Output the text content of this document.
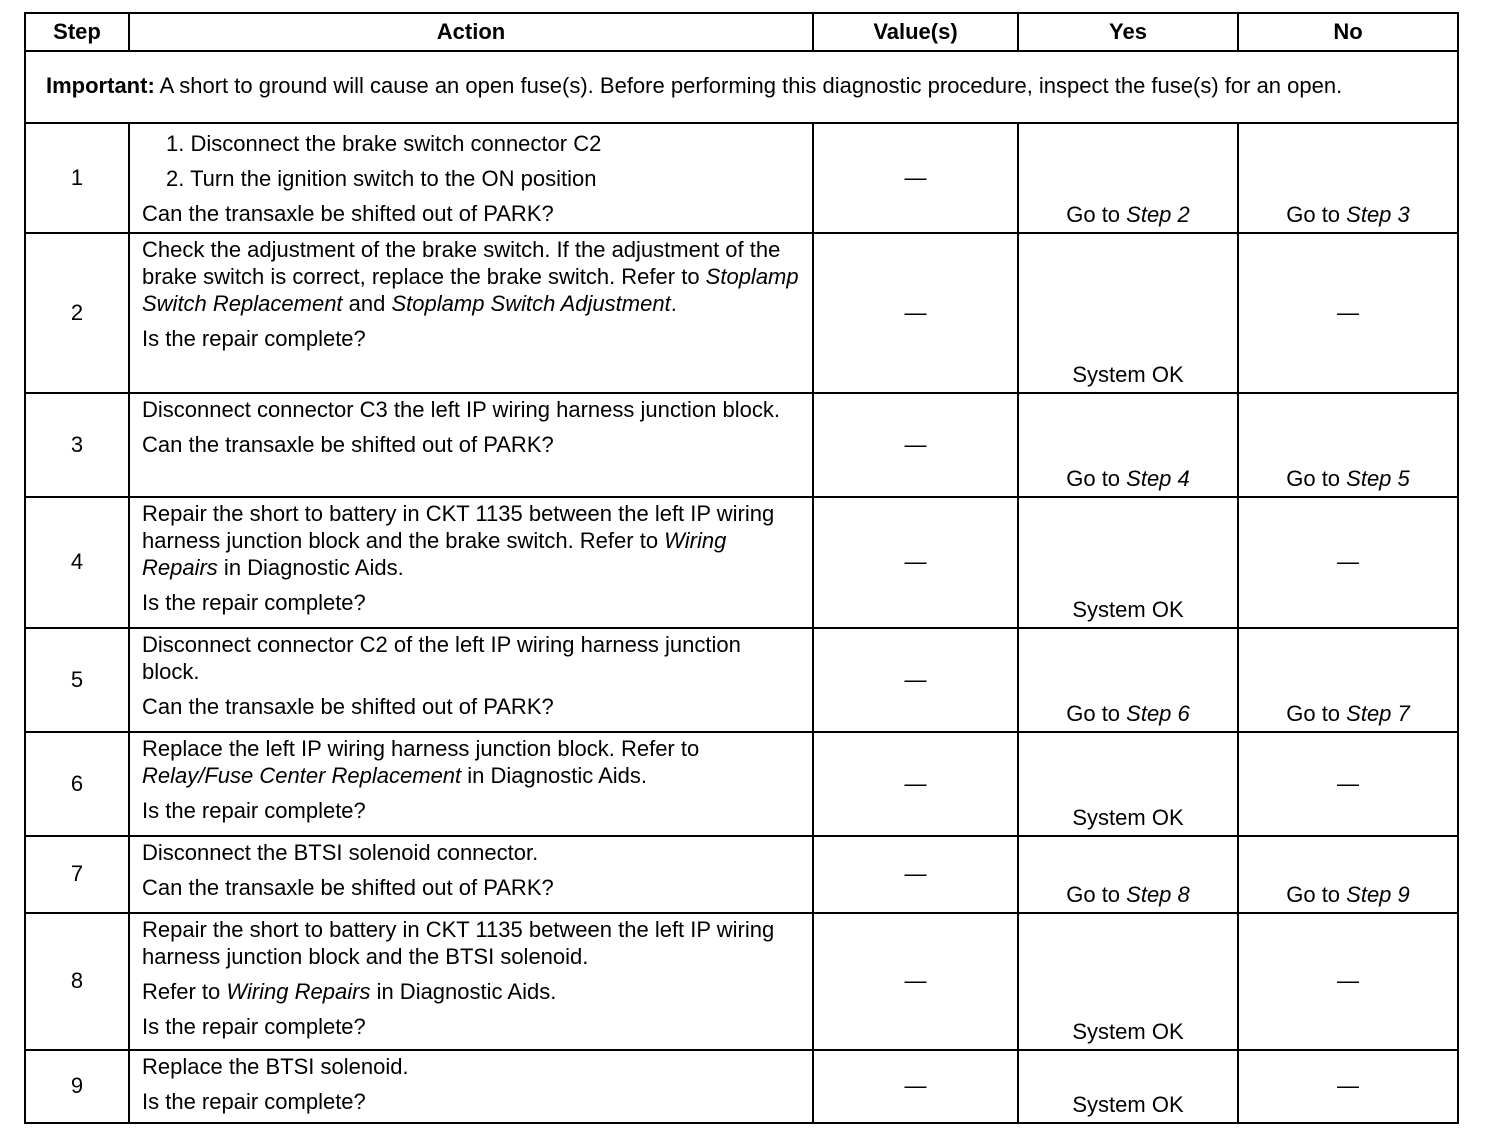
Step	Action	Value(s)	Yes	No
Important: A short to ground will cause an open fuse(s). Before performing this diagnostic procedure, inspect the fuse(s) for an open.				
1	1. Disconnect the brake switch connector C2

2. Turn the ignition switch to the ON position

Can the transaxle be shifted out of PARK?	—	Go to Step 2	Go to Step 3
2	Check the adjustment of the brake switch. If the adjustment of the brake switch is correct, replace the brake switch. Refer to Stoplamp Switch Replacement and Stoplamp Switch Adjustment.

Is the repair complete?	—	System OK	—
3	Disconnect connector C3 the left IP wiring harness junction block.

Can the transaxle be shifted out of PARK?	—	Go to Step 4	Go to Step 5
4	Repair the short to battery in CKT 1135 between the left IP wiring harness junction block and the brake switch. Refer to Wiring Repairs in Diagnostic Aids.

Is the repair complete?	—	System OK	—
5	Disconnect connector C2 of the left IP wiring harness junction block.

Can the transaxle be shifted out of PARK?	—	Go to Step 6	Go to Step 7
6	Replace the left IP wiring harness junction block. Refer to Relay/Fuse Center Replacement in Diagnostic Aids.

Is the repair complete?	—	System OK	—
7	Disconnect the BTSI solenoid connector.

Can the transaxle be shifted out of PARK?	—	Go to Step 8	Go to Step 9
8	Repair the short to battery in CKT 1135 between the left IP wiring harness junction block and the BTSI solenoid.

Refer to Wiring Repairs in Diagnostic Aids.

Is the repair complete?	—	System OK	—
9	Replace the BTSI solenoid.

Is the repair complete?	—	System OK	—
